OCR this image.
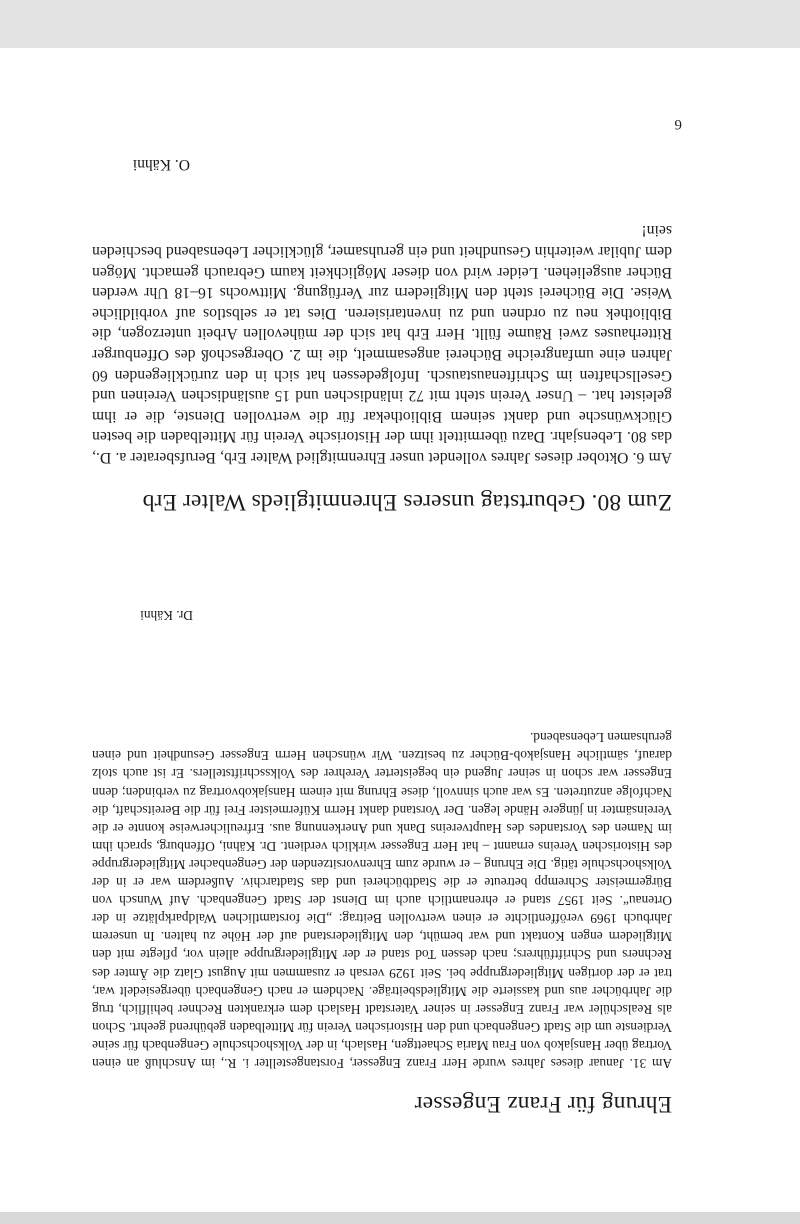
Ehrung für Franz Engesser

Am 31. Januar dieses Jahres wurde Herr Franz Engesser, Forstangestellter i. R., im Anschluß an einen Vortrag über Hansjakob von Frau Maria Schaettgen, Haslach, in der Volkshochschule Gengenbach für seine Verdienste um die Stadt Gengenbach und den Historischen Verein für Mittelbaden gebührend geehrt. Schon als Realschüler war Franz Engesser in seiner Vaterstadt Haslach dem erkrankten Rechner behilflich, trug die Jahrbücher aus und kassierte die Mitgliedsbeiträge. Nachdem er nach Gengenbach übergesiedelt war, trat er der dortigen Mitgliedergruppe bei. Seit 1929 versah er zusammen mit August Glatz die Ämter des Rechners und Schriftführers; nach dessen Tod stand er der Mitgliedergruppe allein vor, pflegte mit den Mitgliedern engen Kontakt und war bemüht, den Mitgliederstand auf der Höhe zu halten. In unserem Jahrbuch 1969 veröffentlichte er einen wertvollen Beitrag: „Die forstamtlichen Waldparkplätze in der Ortenau“. Seit 1957 stand er ehrenamtlich auch im Dienst der Stadt Gengenbach. Auf Wunsch von Bürgermeister Schrempp betreute er die Stadtbücherei und das Stadtarchiv. Außerdem war er in der Volkshochschule tätig. Die Ehrung – er wurde zum Ehrenvorsitzenden der Gengenbacher Mitgliedergruppe des Historischen Vereins ernannt – hat Herr Engesser wirklich verdient. Dr. Kähni, Offenburg, sprach ihm im Namen des Vorstandes des Hauptvereins Dank und Anerkennung aus. Erfreulicherweise konnte er die Vereinsämter in jüngere Hände legen. Der Vorstand dankt Herrn Küfermeister Frei für die Bereitschaft, die Nachfolge anzutreten. Es war auch sinnvoll, diese Ehrung mit einem Hansjakobvortrag zu verbinden; denn Engesser war schon in seiner Jugend ein begeisterter Verehrer des Volksschriftstellers. Er ist auch stolz darauf, sämtliche Hansjakob-Bücher zu besitzen. Wir wünschen Herrn Engesser Gesundheit und einen geruhsamen Lebensabend.

Dr. Kähni
Zum 80. Geburtstag unseres Ehrenmitglieds Walter Erb

Am 6. Oktober dieses Jahres vollendet unser Ehrenmitglied Walter Erb, Berufsberater a. D., das 80. Lebensjahr. Dazu übermittelt ihm der Historische Verein für Mittelbaden die besten Glückwünsche und dankt seinem Bibliothekar für die wertvollen Dienste, die er ihm geleistet hat. – Unser Verein steht mit 72 inländischen und 15 ausländischen Vereinen und Gesellschaften im Schriftenaustausch. Infolgedessen hat sich in den zurückliegenden 60 Jahren eine umfangreiche Bücherei angesammelt, die im 2. Obergeschoß des Offenburger Ritterhauses zwei Räume füllt. Herr Erb hat sich der mühevollen Arbeit unterzogen, die Bibliothek neu zu ordnen und zu inventarisieren. Dies tat er selbstlos auf vorbildliche Weise. Die Bücherei steht den Mitgliedern zur Verfügung. Mittwochs 16–18 Uhr werden Bücher ausgeliehen. Leider wird von dieser Möglichkeit kaum Gebrauch gemacht. Mögen dem Jubilar weiterhin Gesundheit und ein geruhsamer, glücklicher Lebensabend beschieden sein!

O. Kähni
6
